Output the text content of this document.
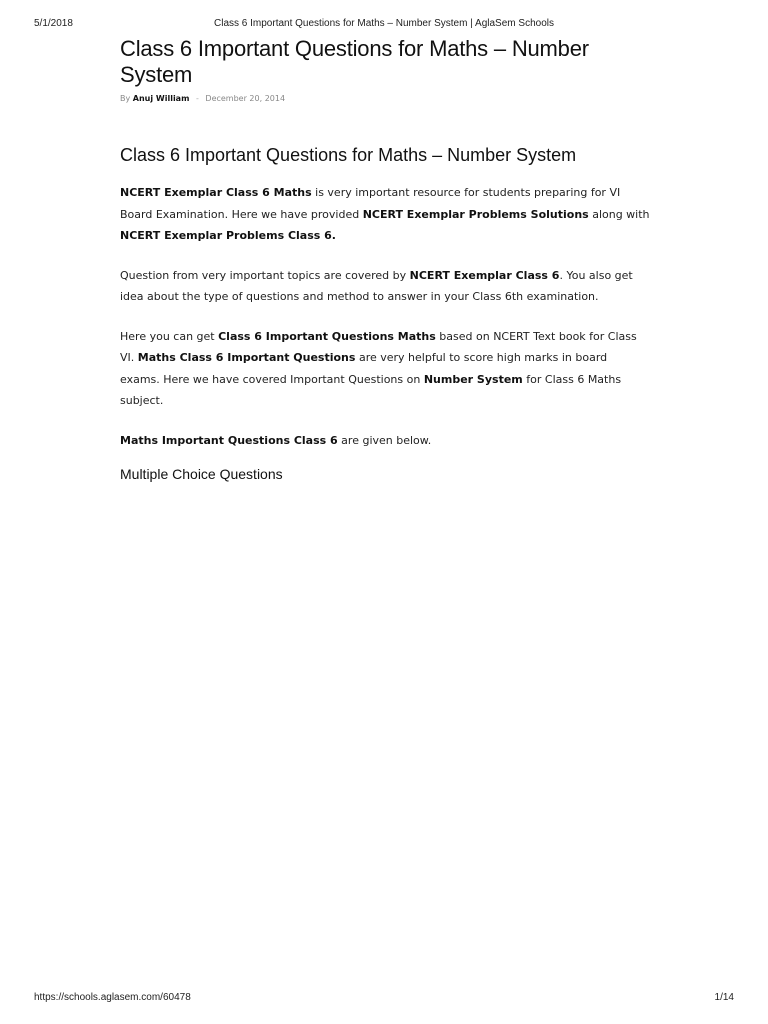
5/1/2018	Class 6 Important Questions for Maths – Number System | AglaSem Schools
Class 6 Important Questions for Maths – Number System
By Anuj William - December 20, 2014
Class 6 Important Questions for Maths – Number System

NCERT Exemplar Class 6 Maths is very important resource for students preparing for VI Board Examination. Here we have provided NCERT Exemplar Problems Solutions along with NCERT Exemplar Problems Class 6.

Question from very important topics are covered by NCERT Exemplar Class 6. You also get idea about the type of questions and method to answer in your Class 6th examination.

Here you can get Class 6 Important Questions Maths based on NCERT Text book for Class VI. Maths Class 6 Important Questions are very helpful to score high marks in board exams. Here we have covered Important Questions on Number System for Class 6 Maths subject.

Maths Important Questions Class 6 are given below.

Multiple Choice Questions
https://schools.aglasem.com/60478	1/14
